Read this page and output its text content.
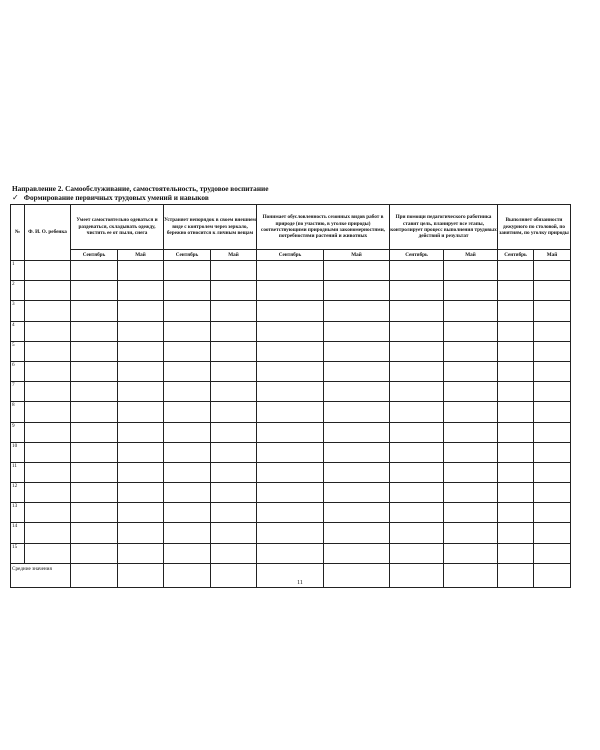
Направление 2. Самообслуживание, самостоятельность, трудовое воспитание
✓ Формирование первичных трудовых умений и навыков
№	Ф. И. О. ребенка	Умеет самостоятельно одеваться и раздеваться, складывать одежду, чистить ее от пыли, снега		Устраняет непорядок в своем внешнем виде с контролем через зеркало, бережно относится к личным вещам		Понимает обусловленность сезонных видов работ в природе (по участию, в уголке природы) соответствующими природными закономерностями, потребностями растений и животных		При помощи педагогического работника ставит цель, планирует все этапы, контролирует процесс выполнения трудовых действий и результат		Выполняет обязанности дежурного по столовой, по занятиям, по уголку природы	
		Сентябрь	Май	Сентябрь	Май	Сентябрь	Май	Сентябрь	Май	Сентябрь	Май
1											
2											
3											
4											
5											
6											
7											
8											
9											
10											
11											
12											
13											
14											
15											
Средние значения											
11
